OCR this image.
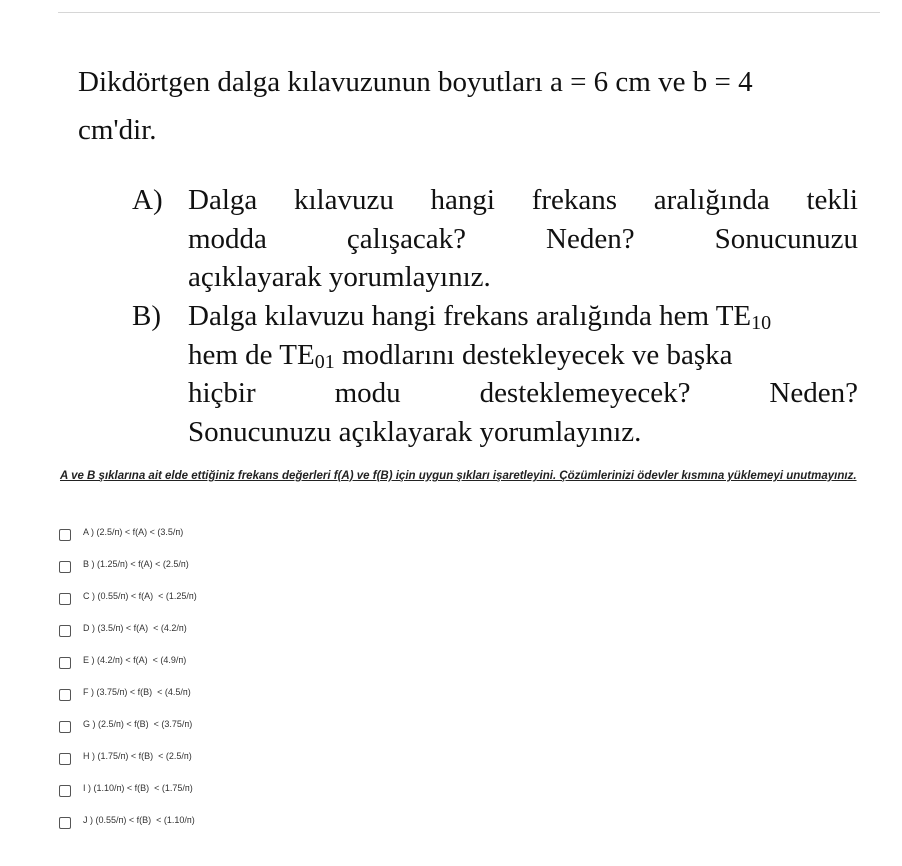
Dikdörtgen dalga kılavuzunun boyutları a = 6 cm ve b = 4
cm'dir.

A) Dalga kılavuzu hangi frekans aralığında tekli
modda	çalışacak?	Neden?	Sonucunuzu
açıklayarak yorumlayınız.
B) Dalga kılavuzu hangi frekans aralığında hem $TE_{10}$
hem de $TE_{01}$ modlarını destekleyecek ve başka
hiçbir	modu	desteklemeyecek?	Neden?
Sonucunuzu açıklayarak yorumlayınız.
A ve B şıklarına ait elde ettiğiniz frekans değerleri f(A) ve f(B) için uygun şıkları işaretleyini. Çözümlerinizi ödevler kısmına yüklemeyi unutmayınız.
A ) (2.5/п) < f(A) < (3.5/п)
B ) (1.25/п) < f(A) < (2.5/п)
C ) (0.55/п) < f(A)  < (1.25/п)
D ) (3.5/п) < f(A)  < (4.2/п)
E ) (4.2/п) < f(A)  < (4.9/п)
F ) (3.75/п) < f(B)  < (4.5/п)
G ) (2.5/п) < f(B)  < (3.75/п)
H ) (1.75/п) < f(B)  < (2.5/п)
I ) (1.10/п) < f(B)  < (1.75/п)
J ) (0.55/п) < f(B)  < (1.10/п)
